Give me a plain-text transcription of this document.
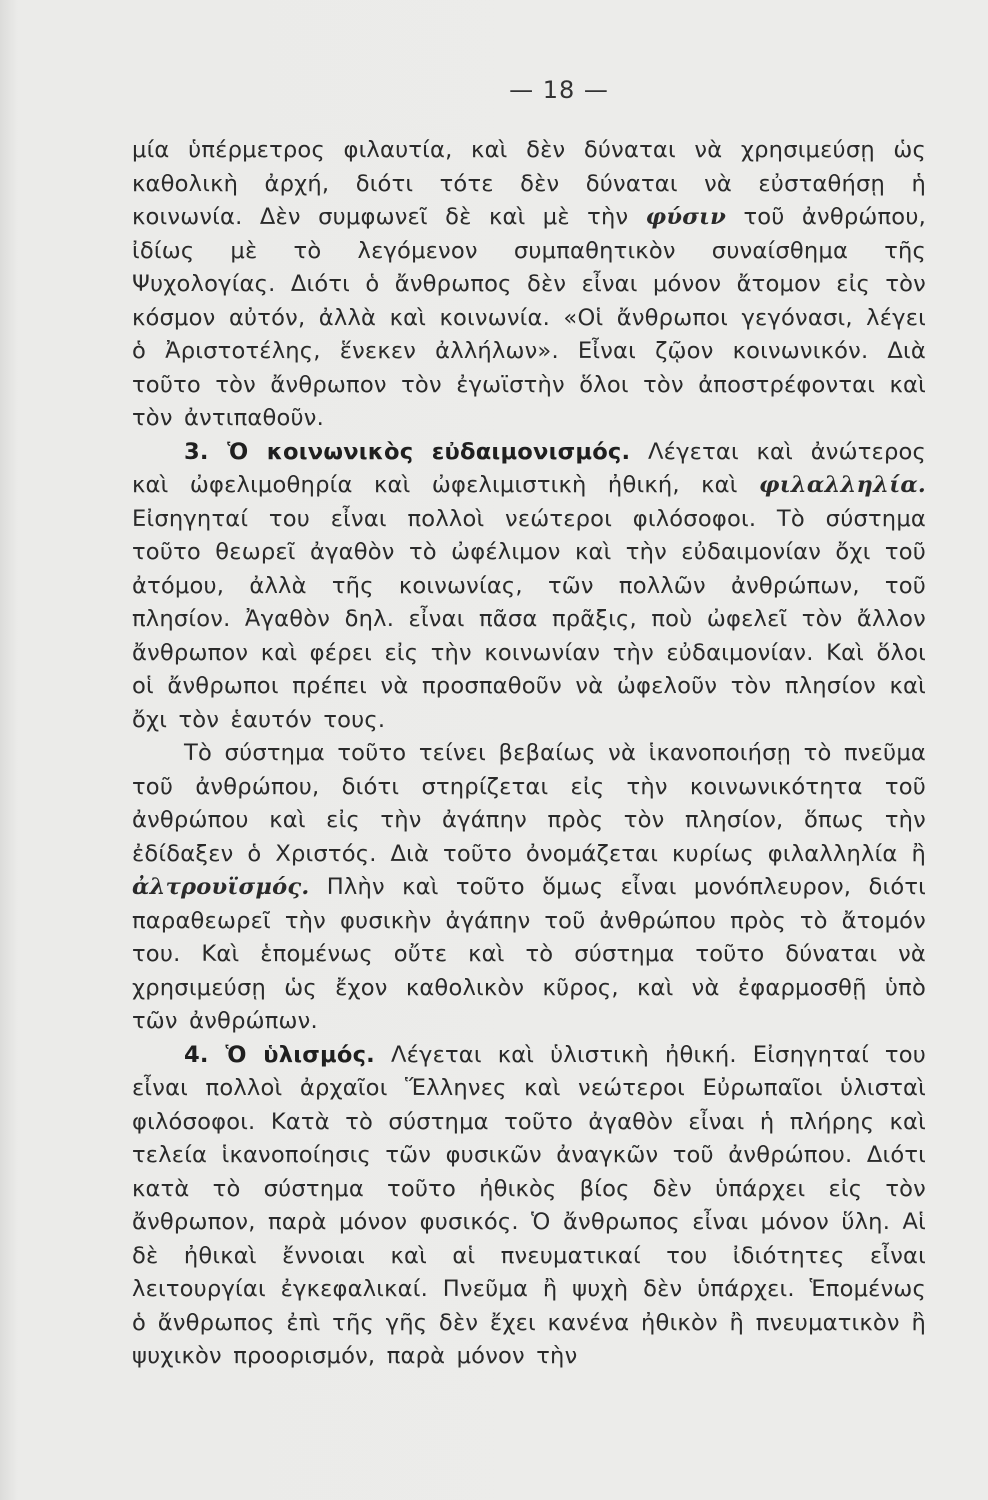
— 18 —

μία ὑπέρμετρος φιλαυτία, καὶ δὲν δύναται νὰ χρησιμεύσῃ ὡς καθολικὴ ἀρχή, διότι τότε δὲν δύναται νὰ εὐσταθήσῃ ἡ κοινωνία. Δὲν συμφωνεῖ δὲ καὶ μὲ τὴν φύσιν τοῦ ἀνθρώπου, ἰδίως μὲ τὸ λεγόμενον συμπαθητικὸν συναίσθημα τῆς Ψυχολογίας. Διότι ὁ ἄνθρωπος δὲν εἶναι μόνον ἄτομον εἰς τὸν κόσμον αὐτόν, ἀλλὰ καὶ κοινωνία. «Οἱ ἄνθρωποι γεγόνασι, λέγει ὁ Ἀριστοτέλης, ἕνεκεν ἀλλήλων». Εἶναι ζῷον κοινωνικόν. Διὰ τοῦτο τὸν ἄνθρωπον τὸν ἐγωϊστὴν ὅλοι τὸν ἀποστρέφονται καὶ τὸν ἀντιπαθοῦν.

3. Ὁ κοινωνικὸς εὐδαιμονισμός. Λέγεται καὶ ἀνώτερος καὶ ὠφελιμοθηρία καὶ ὠφελιμιστικὴ ἠθική, καὶ φιλαλληλία. Εἰσηγηταί του εἶναι πολλοὶ νεώτεροι φιλόσοφοι. Τὸ σύστημα τοῦτο θεωρεῖ ἀγαθὸν τὸ ὠφέλιμον καὶ τὴν εὐδαιμονίαν ὄχι τοῦ ἀτόμου, ἀλλὰ τῆς κοινωνίας, τῶν πολλῶν ἀνθρώπων, τοῦ πλησίον. Ἀγαθὸν δηλ. εἶναι πᾶσα πρᾶξις, ποὺ ὠφελεῖ τὸν ἄλλον ἄνθρωπον καὶ φέρει εἰς τὴν κοινωνίαν τὴν εὐδαιμονίαν. Καὶ ὅλοι οἱ ἄνθρωποι πρέπει νὰ προσπαθοῦν νὰ ὠφελοῦν τὸν πλησίον καὶ ὄχι τὸν ἑαυτόν τους.

Τὸ σύστημα τοῦτο τείνει βεβαίως νὰ ἱκανοποιήσῃ τὸ πνεῦμα τοῦ ἀνθρώπου, διότι στηρίζεται εἰς τὴν κοινωνικότητα τοῦ ἀνθρώπου καὶ εἰς τὴν ἀγάπην πρὸς τὸν πλησίον, ὅπως τὴν ἐδίδαξεν ὁ Χριστός. Διὰ τοῦτο ὀνομάζεται κυρίως φιλαλληλία ἢ ἀλτρουϊσμός. Πλὴν καὶ τοῦτο ὅμως εἶναι μονόπλευρον, διότι παραθεωρεῖ τὴν φυσικὴν ἀγάπην τοῦ ἀνθρώπου πρὸς τὸ ἄτομόν του. Καὶ ἑπομένως οὔτε καὶ τὸ σύστημα τοῦτο δύναται νὰ χρησιμεύσῃ ὡς ἔχον καθολικὸν κῦρος, καὶ νὰ ἐφαρμοσθῇ ὑπὸ τῶν ἀνθρώπων.

4. Ὁ ὑλισμός. Λέγεται καὶ ὑλιστικὴ ἠθική. Εἰσηγηταί του εἶναι πολλοὶ ἀρχαῖοι Ἕλληνες καὶ νεώτεροι Εὐρωπαῖοι ὑλισταὶ φιλόσοφοι. Κατὰ τὸ σύστημα τοῦτο ἀγαθὸν εἶναι ἡ πλήρης καὶ τελεία ἱκανοποίησις τῶν φυσικῶν ἀναγκῶν τοῦ ἀνθρώπου. Διότι κατὰ τὸ σύστημα τοῦτο ἠθικὸς βίος δὲν ὑπάρχει εἰς τὸν ἄνθρωπον, παρὰ μόνον φυσικός. Ὁ ἄνθρωπος εἶναι μόνον ὕλη. Αἱ δὲ ἠθικαὶ ἔννοιαι καὶ αἱ πνευματικαί του ἰδιότητες εἶναι λειτουργίαι ἐγκεφαλικαί. Πνεῦμα ἢ ψυχὴ δὲν ὑπάρχει. Ἑπομένως ὁ ἄνθρωπος ἐπὶ τῆς γῆς δὲν ἔχει κανένα ἠθικὸν ἢ πνευματικὸν ἢ ψυχικὸν προορισμόν, παρὰ μόνον τὴν
